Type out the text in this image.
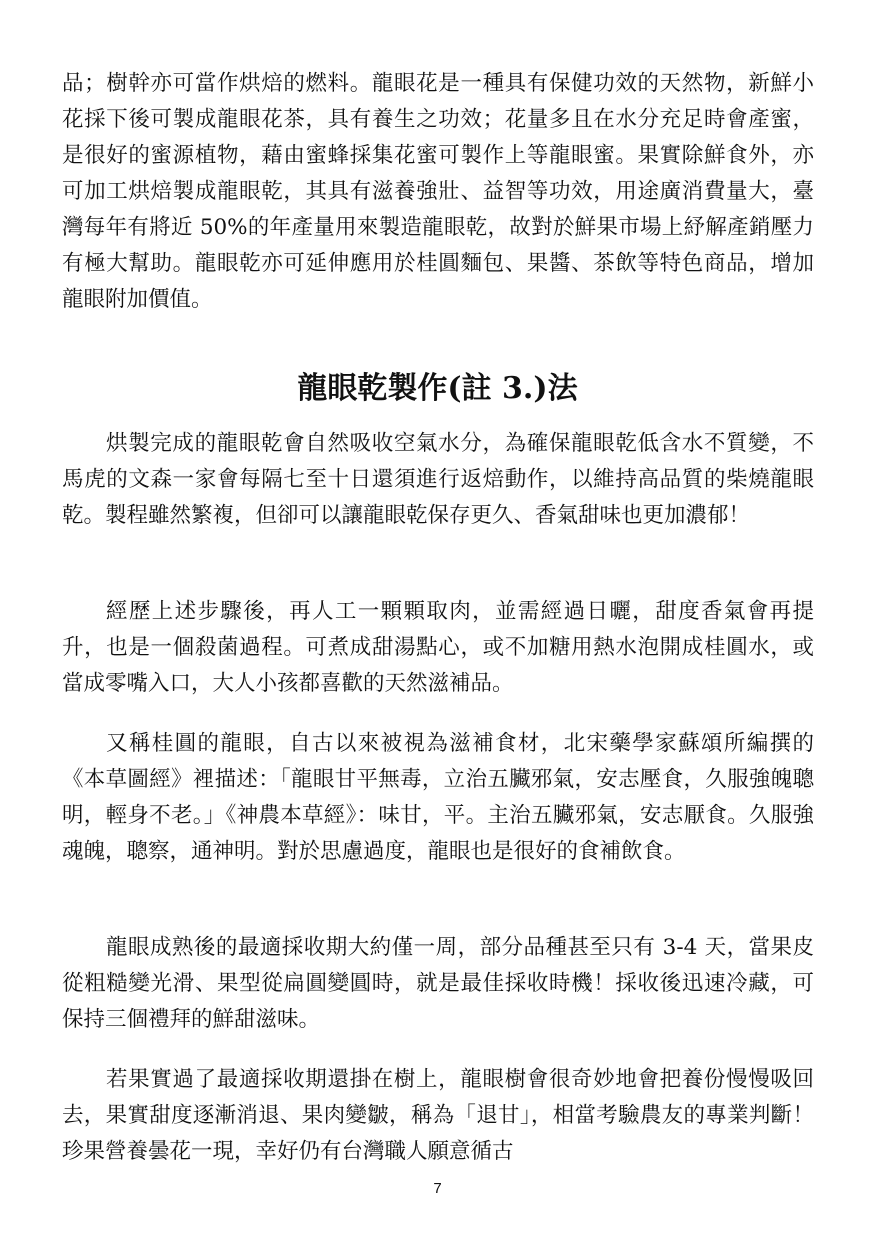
品；樹幹亦可當作烘焙的燃料。龍眼花是一種具有保健功效的天然物，新鮮小花採下後可製成龍眼花茶，具有養生之功效；花量多且在水分充足時會產蜜，是很好的蜜源植物，藉由蜜蜂採集花蜜可製作上等龍眼蜜。果實除鮮食外，亦可加工烘焙製成龍眼乾，其具有滋養強壯、益智等功效，用途廣消費量大，臺灣每年有將近 50%的年產量用來製造龍眼乾，故對於鮮果市場上紓解產銷壓力有極大幫助。龍眼乾亦可延伸應用於桂圓麵包、果醬、茶飲等特色商品，增加龍眼附加價值。

龍眼乾製作(註 3.)法

烘製完成的龍眼乾會自然吸收空氣水分，為確保龍眼乾低含水不質變，不馬虎的文森一家會每隔七至十日還須進行返焙動作，以維持高品質的柴燒龍眼乾。製程雖然繁複，但卻可以讓龍眼乾保存更久、香氣甜味也更加濃郁！

經歷上述步驟後，再人工一顆顆取肉，並需經過日曬，甜度香氣會再提升，也是一個殺菌過程。可煮成甜湯點心，或不加糖用熱水泡開成桂圓水，或當成零嘴入口，大人小孩都喜歡的天然滋補品。

又稱桂圓的龍眼，自古以來被視為滋補食材，北宋藥學家蘇頌所編撰的《本草圖經》裡描述：「龍眼甘平無毒，立治五臟邪氣，安志壓食，久服強魄聰明，輕身不老。」《神農本草經》：味甘，平。主治五臟邪氣，安志厭食。久服強魂魄，聰察，通神明。對於思慮過度，龍眼也是很好的食補飲食。

龍眼成熟後的最適採收期大約僅一周，部分品種甚至只有 3-4 天，當果皮從粗糙變光滑、果型從扁圓變圓時，就是最佳採收時機！採收後迅速冷藏，可保持三個禮拜的鮮甜滋味。

若果實過了最適採收期還掛在樹上，龍眼樹會很奇妙地會把養份慢慢吸回去，果實甜度逐漸消退、果肉變皺，稱為「退甘」，相當考驗農友的專業判斷！珍果營養曇花一現，幸好仍有台灣職人願意循古

7
